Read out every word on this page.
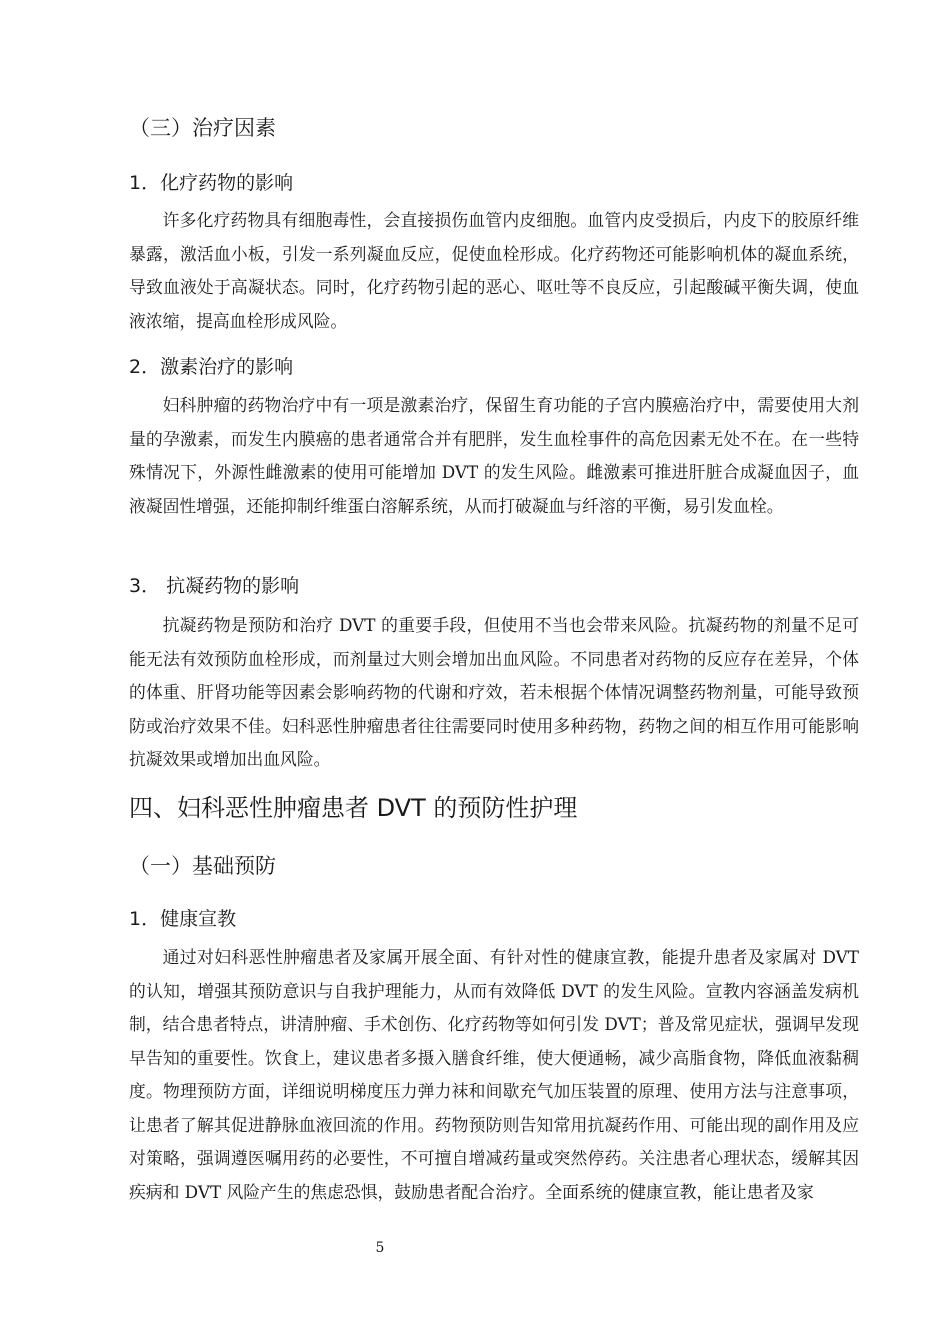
（三）治疗因素
1．化疗药物的影响
许多化疗药物具有细胞毒性，会直接损伤血管内皮细胞。血管内皮受损后，内皮下的胶原纤维暴露，激活血小板，引发一系列凝血反应，促使血栓形成。化疗药物还可能影响机体的凝血系统，导致血液处于高凝状态。同时，化疗药物引起的恶心、呕吐等不良反应，引起酸碱平衡失调，使血液浓缩，提高血栓形成风险。
2．激素治疗的影响
妇科肿瘤的药物治疗中有一项是激素治疗，保留生育功能的子宫内膜癌治疗中，需要使用大剂量的孕激素，而发生内膜癌的患者通常合并有肥胖，发生血栓事件的高危因素无处不在。在一些特殊情况下，外源性雌激素的使用可能增加 DVT 的发生风险。雌激素可推进肝脏合成凝血因子，血液凝固性增强，还能抑制纤维蛋白溶解系统，从而打破凝血与纤溶的平衡，易引发血栓。
3． 抗凝药物的影响
抗凝药物是预防和治疗 DVT 的重要手段，但使用不当也会带来风险。抗凝药物的剂量不足可能无法有效预防血栓形成，而剂量过大则会增加出血风险。不同患者对药物的反应存在差异，个体的体重、肝肾功能等因素会影响药物的代谢和疗效，若未根据个体情况调整药物剂量，可能导致预防或治疗效果不佳。妇科恶性肿瘤患者往往需要同时使用多种药物，药物之间的相互作用可能影响抗凝效果或增加出血风险。
四、妇科恶性肿瘤患者 DVT 的预防性护理
（一）基础预防
1．健康宣教
通过对妇科恶性肿瘤患者及家属开展全面、有针对性的健康宣教，能提升患者及家属对 DVT 的认知，增强其预防意识与自我护理能力，从而有效降低 DVT 的发生风险。宣教内容涵盖发病机制，结合患者特点，讲清肿瘤、手术创伤、化疗药物等如何引发 DVT；普及常见症状，强调早发现早告知的重要性。饮食上，建议患者多摄入膳食纤维，使大便通畅，减少高脂食物，降低血液黏稠度。物理预防方面，详细说明梯度压力弹力袜和间歇充气加压装置的原理、使用方法与注意事项，让患者了解其促进静脉血液回流的作用。药物预防则告知常用抗凝药作用、可能出现的副作用及应对策略，强调遵医嘱用药的必要性，不可擅自增减药量或突然停药。关注患者心理状态，缓解其因疾病和 DVT 风险产生的焦虑恐惧，鼓励患者配合治疗。全面系统的健康宣教，能让患者及家
5
